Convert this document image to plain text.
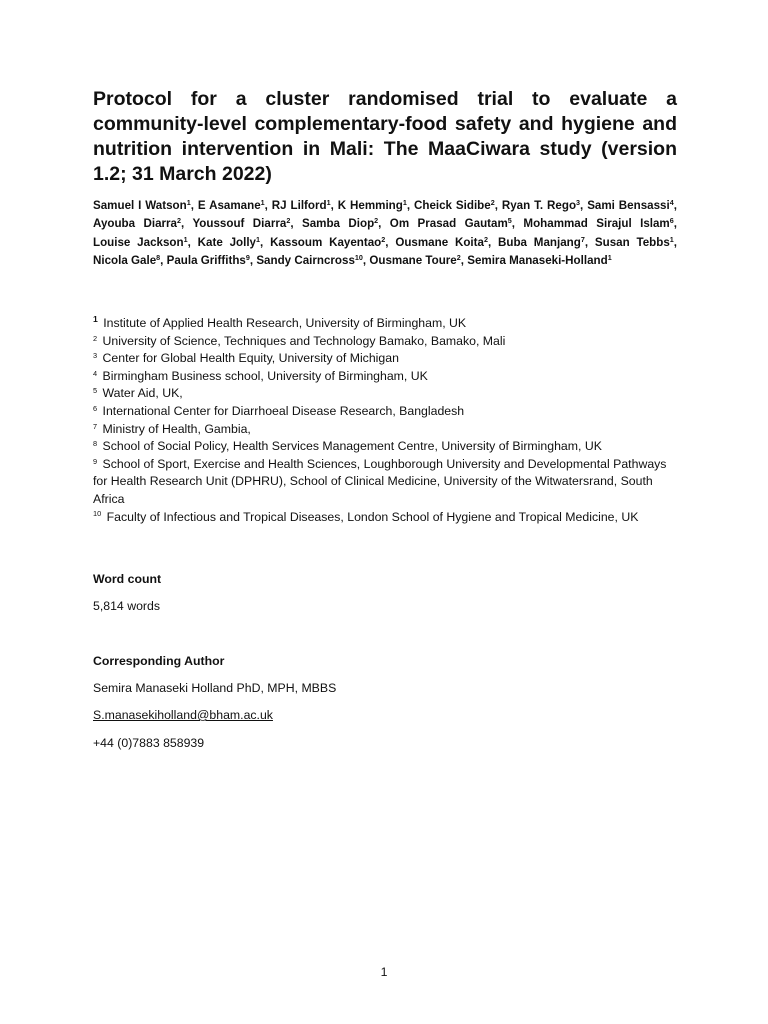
Protocol for a cluster randomised trial to evaluate a community-level complementary-food safety and hygiene and nutrition intervention in Mali: The MaaCiwara study (version 1.2; 31 March 2022)

Samuel I Watson$^1$, E Asamane$^1$, RJ Lilford$^1$, K Hemming$^1$, Cheick Sidibe$^2$, Ryan T. Rego$^3$, Sami Bensassi$^4$, Ayouba Diarra$^2$, Youssouf Diarra$^2$, Samba Diop$^2$, Om Prasad Gautam$^5$, Mohammad Sirajul Islam$^6$, Louise Jackson$^1$, Kate Jolly$^1$, Kassoum Kayentao$^2$, Ousmane Koita$^2$, Buba Manjang$^7$, Susan Tebbs$^1$, Nicola Gale$^8$, Paula Griffiths$^9$, Sandy Cairncross$^{10}$, Ousmane Toure$^2$, Semira Manaseki-Holland$^1$

$^1$ Institute of Applied Health Research, University of Birmingham, UK
$^2$ University of Science, Techniques and Technology Bamako, Bamako, Mali
$^3$ Center for Global Health Equity, University of Michigan
$^4$ Birmingham Business school, University of Birmingham, UK
$^5$ Water Aid, UK,
$^6$ International Center for Diarrhoeal Disease Research, Bangladesh
$^7$ Ministry of Health, Gambia,
$^8$ School of Social Policy, Health Services Management Centre, University of Birmingham, UK
$^9$ School of Sport, Exercise and Health Sciences, Loughborough University and Developmental Pathways for Health Research Unit (DPHRU), School of Clinical Medicine, University of the Witwatersrand, South Africa
$^{10}$ Faculty of Infectious and Tropical Diseases, London School of Hygiene and Tropical Medicine, UK

Word count

5,814 words

Corresponding Author

Semira Manaseki Holland PhD, MPH, MBBS

S.manasekiholland@bham.ac.uk

+44 (0)7883 858939

1
